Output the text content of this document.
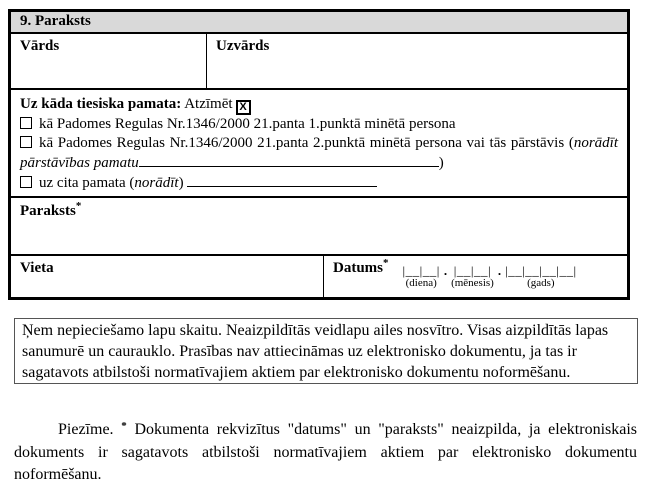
9. Paraksts
Vārds	Uzvārds

Uz kāda tiesiska pamata: Atzīmēt X

kā Padomes Regulas Nr.1346/2000 21.panta 1.punktā minētā persona

kā Padomes Regulas Nr.1346/2000 21.panta 2.punktā minētā persona vai tās pārstāvis (norādīt pārstāvības pamatu	)

uz cita pamata (norādīt)

Paraksts*
Vieta	Datums* |__|__|
(diena)
. |__|__|
(mēnesis)
. |__|__|__|__|
(gads)
Ņem nepieciešamo lapu skaitu. Neaizpildītās veidlapu ailes nosvītro. Visas aizpildītās lapas sanumurē un caurauklo. Prasības nav attiecināmas uz elektronisko dokumentu, ja tas ir sagatavots atbilstoši normatīvajiem aktiem par elektronisko dokumentu noformēšanu.

Piezīme. * Dokumenta rekvizītus "datums" un "paraksts" neaizpilda, ja elektroniskais dokuments ir sagatavots atbilstoši normatīvajiem aktiem par elektronisko dokumentu noformēšanu.
